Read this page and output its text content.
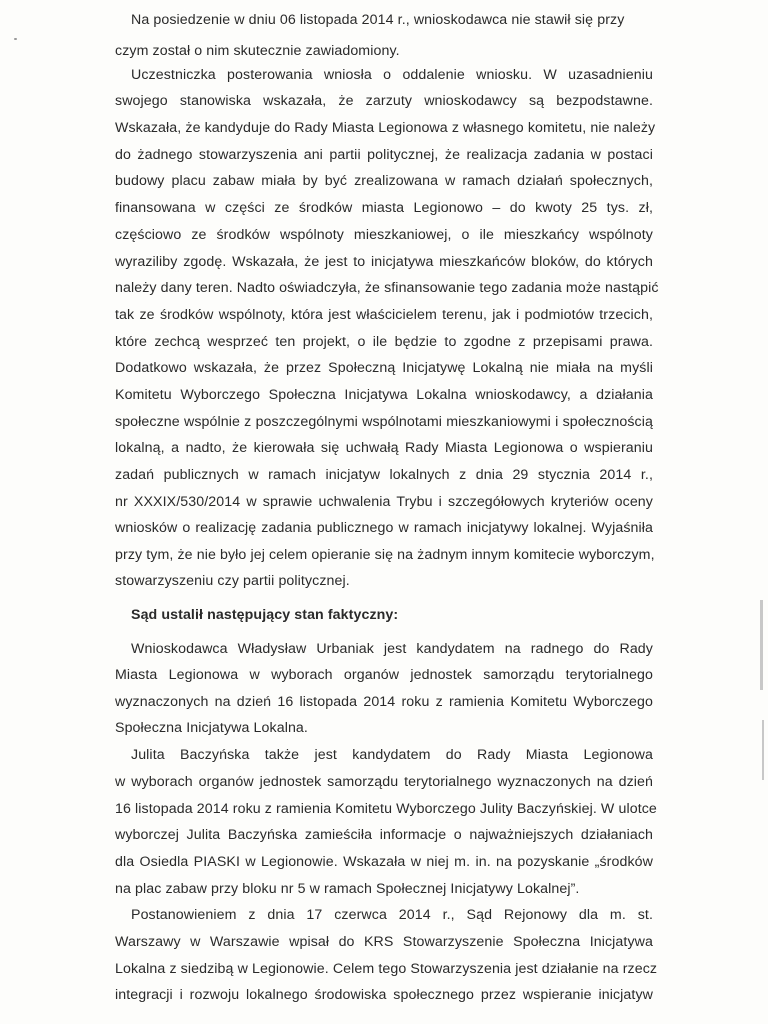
Na posiedzenie w dniu 06 listopada 2014 r., wnioskodawca nie stawił się przy
czym został o nim skutecznie zawiadomiony.
Uczestniczka posterowania wniosła o oddalenie wniosku. W uzasadnieniu
swojego stanowiska wskazała, że zarzuty wnioskodawcy są bezpodstawne.
Wskazała, że kandyduje do Rady Miasta Legionowa z własnego komitetu, nie należy
do żadnego stowarzyszenia ani partii politycznej, że realizacja zadania w postaci
budowy placu zabaw miała by być zrealizowana w ramach działań społecznych,
finansowana w części ze środków miasta Legionowo – do kwoty 25 tys. zł,
częściowo ze środków wspólnoty mieszkaniowej, o ile mieszkańcy wspólnoty
wyraziliby zgodę. Wskazała, że jest to inicjatywa mieszkańców bloków, do których
należy dany teren. Nadto oświadczyła, że sfinansowanie tego zadania może nastąpić
tak ze środków wspólnoty, która jest właścicielem terenu, jak i podmiotów trzecich,
które zechcą wesprzeć ten projekt, o ile będzie to zgodne z przepisami prawa.
Dodatkowo wskazała, że przez Społeczną Inicjatywę Lokalną nie miała na myśli
Komitetu Wyborczego Społeczna Inicjatywa Lokalna wnioskodawcy, a działania
społeczne wspólnie z poszczególnymi wspólnotami mieszkaniowymi i społecznością
lokalną, a nadto, że kierowała się uchwałą Rady Miasta Legionowa o wspieraniu
zadań publicznych w ramach inicjatyw lokalnych z dnia 29 stycznia 2014 r.,
nr XXXIX/530/2014 w sprawie uchwalenia Trybu i szczegółowych kryteriów oceny
wniosków o realizację zadania publicznego w ramach inicjatywy lokalnej. Wyjaśniła
przy tym, że nie było jej celem opieranie się na żadnym innym komitecie wyborczym,
stowarzyszeniu czy partii politycznej.
Sąd ustalił następujący stan faktyczny:
Wnioskodawca Władysław Urbaniak jest kandydatem na radnego do Rady
Miasta Legionowa w wyborach organów jednostek samorządu terytorialnego
wyznaczonych na dzień 16 listopada 2014 roku z ramienia Komitetu Wyborczego
Społeczna Inicjatywa Lokalna.
Julita Baczyńska także jest kandydatem do Rady Miasta Legionowa
w wyborach organów jednostek samorządu terytorialnego wyznaczonych na dzień
16 listopada 2014 roku z ramienia Komitetu Wyborczego Julity Baczyńskiej. W ulotce
wyborczej Julita Baczyńska zamieściła informacje o najważniejszych działaniach
dla Osiedla PIASKI w Legionowie. Wskazała w niej m. in. na pozyskanie „środków
na plac zabaw przy bloku nr 5 w ramach Społecznej Inicjatywy Lokalnej”.
Postanowieniem z dnia 17 czerwca 2014 r., Sąd Rejonowy dla m. st.
Warszawy w Warszawie wpisał do KRS Stowarzyszenie Społeczna Inicjatywa
Lokalna z siedzibą w Legionowie. Celem tego Stowarzyszenia jest działanie na rzecz
integracji i rozwoju lokalnego środowiska społecznego przez wspieranie inicjatyw
